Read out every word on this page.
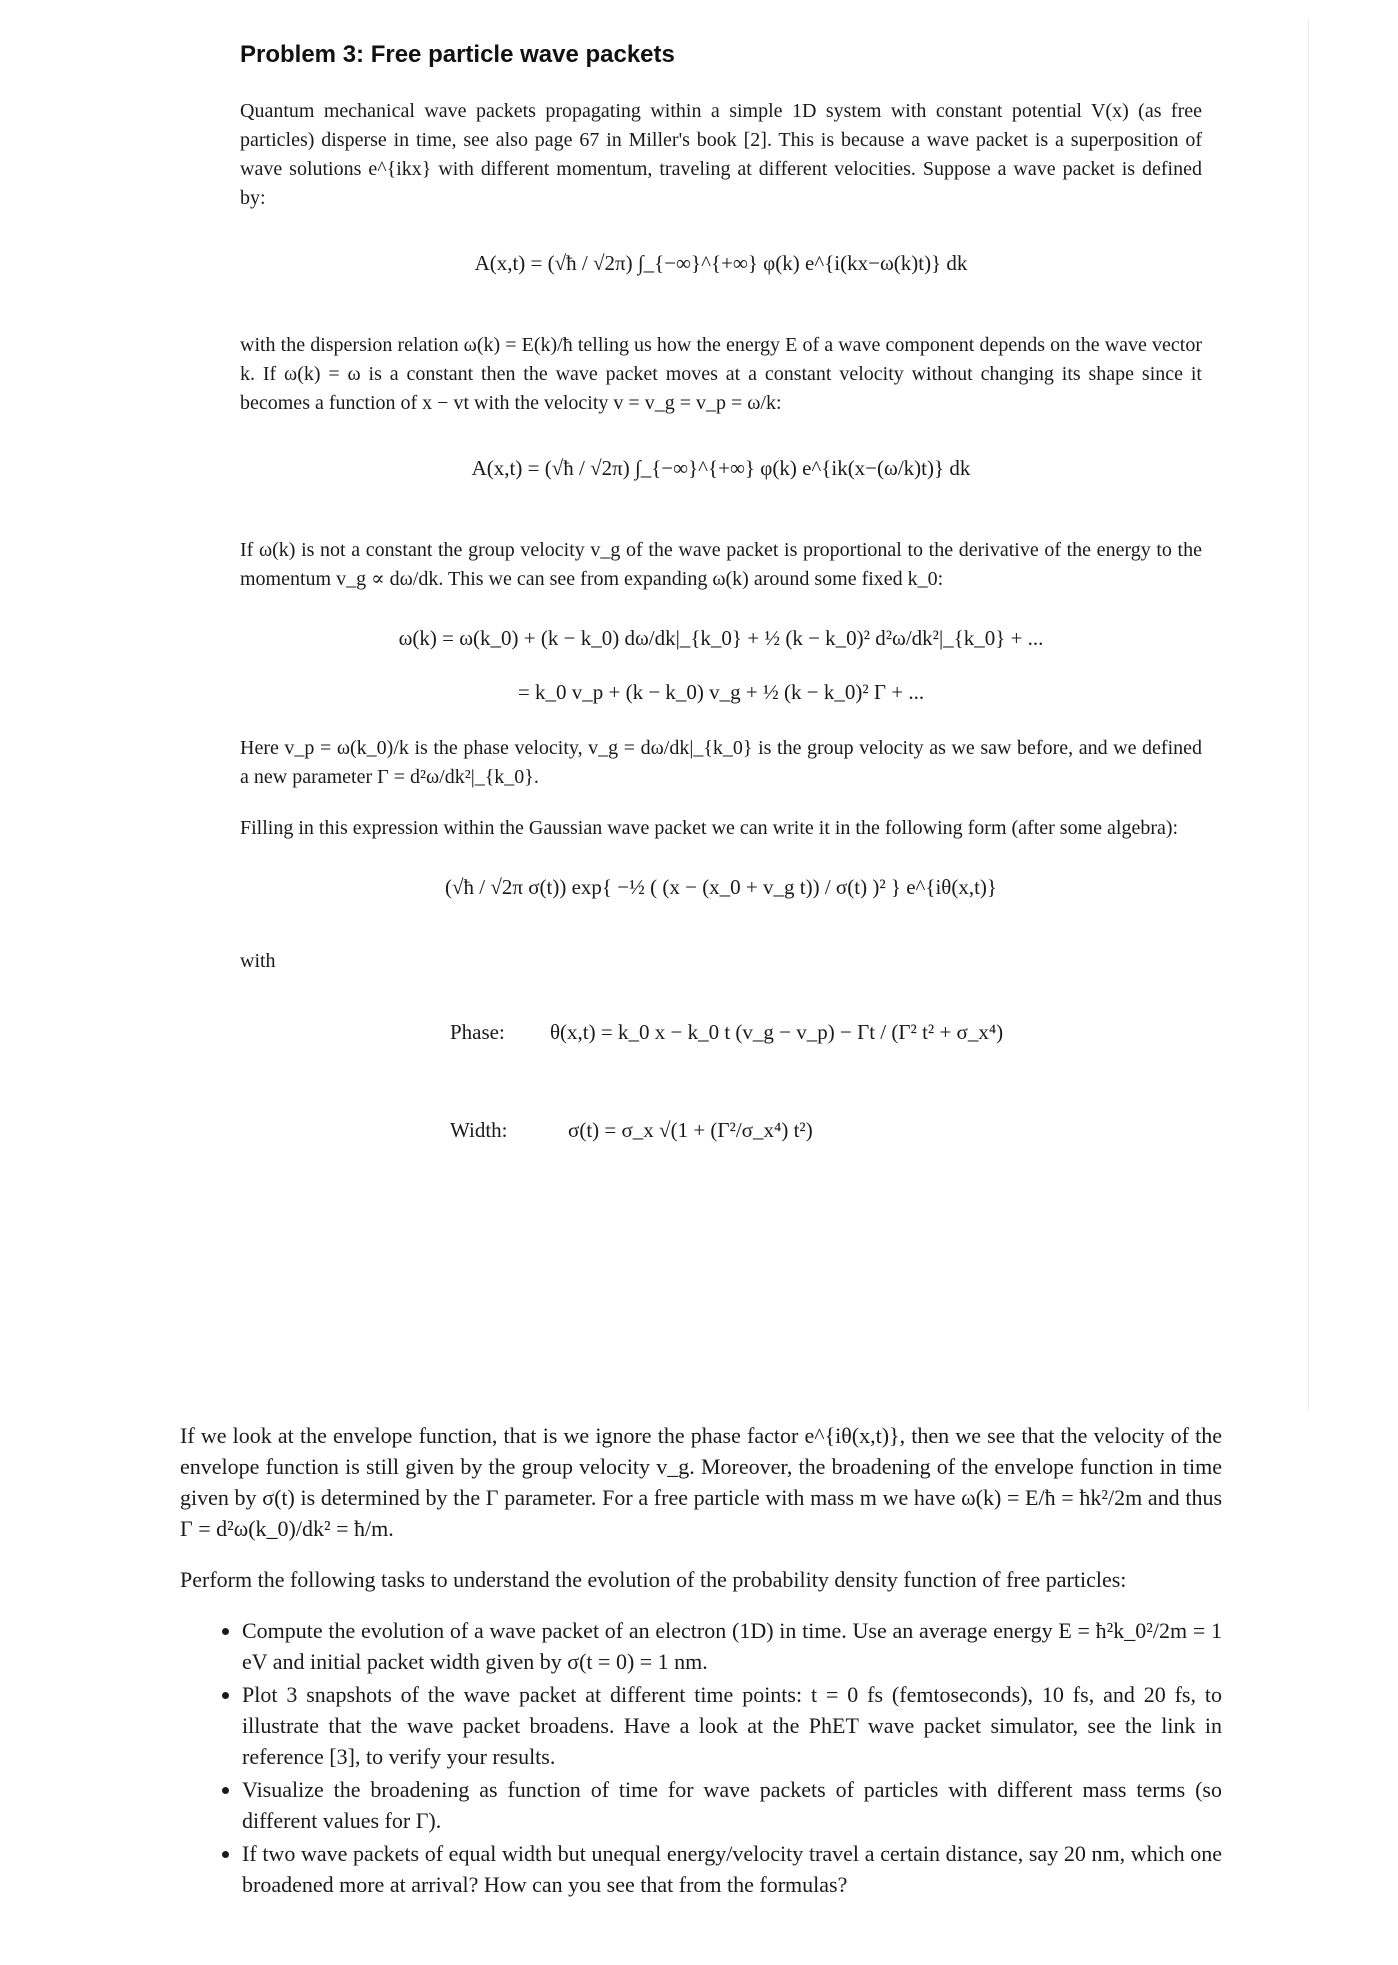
Problem 3: Free particle wave packets

Quantum mechanical wave packets propagating within a simple 1D system with constant potential V(x) (as free particles) disperse in time, see also page 67 in Miller's book [2]. This is because a wave packet is a superposition of wave solutions e^{ikx} with different momentum, traveling at different velocities. Suppose a wave packet is defined by:

A(x,t) = (√ħ / √2π) ∫_{−∞}^{+∞} φ(k) e^{i(kx−ω(k)t)} dk

with the dispersion relation ω(k) = E(k)/ħ telling us how the energy E of a wave component depends on the wave vector k. If ω(k) = ω is a constant then the wave packet moves at a constant velocity without changing its shape since it becomes a function of x − vt with the velocity v = v_g = v_p = ω/k:

A(x,t) = (√ħ / √2π) ∫_{−∞}^{+∞} φ(k) e^{ik(x−(ω/k)t)} dk

If ω(k) is not a constant the group velocity v_g of the wave packet is proportional to the derivative of the energy to the momentum v_g ∝ dω/dk. This we can see from expanding ω(k) around some fixed k_0:

ω(k) = ω(k_0) + (k − k_0) dω/dk|_{k_0} + ½ (k − k_0)² d²ω/dk²|_{k_0} + ...
= k_0 v_p + (k − k_0) v_g + ½ (k − k_0)² Γ + ...

Here v_p = ω(k_0)/k is the phase velocity, v_g = dω/dk|_{k_0} is the group velocity as we saw before, and we defined a new parameter Γ = d²ω/dk²|_{k_0}.

Filling in this expression within the Gaussian wave packet we can write it in the following form (after some algebra):

(√ħ / √2π σ(t)) exp{ −½ ( (x − (x_0 + v_g t)) / σ(t) )² } e^{iθ(x,t)}
with
Phase: θ(x,t) = k_0 x − k_0 t (v_g − v_p) − Γt / (Γ² t² + σ_x⁴)
Width:	σ(t) = σ_x √(1 + (Γ²/σ_x⁴) t²)

If we look at the envelope function, that is we ignore the phase factor e^{iθ(x,t)}, then we see that the velocity of the envelope function is still given by the group velocity v_g. Moreover, the broadening of the envelope function in time given by σ(t) is determined by the Γ parameter. For a free particle with mass m we have ω(k) = E/ħ = ħk²/2m and thus Γ = d²ω(k_0)/dk² = ħ/m.

Perform the following tasks to understand the evolution of the probability density function of free particles:

• Compute the evolution of a wave packet of an electron (1D) in time. Use an average energy E = ħ²k_0²/2m = 1 eV and initial packet width given by σ(t = 0) = 1 nm.
• Plot 3 snapshots of the wave packet at different time points: t = 0 fs (femtoseconds), 10 fs, and 20 fs, to illustrate that the wave packet broadens. Have a look at the PhET wave packet simulator, see the link in reference [3], to verify your results.
• Visualize the broadening as function of time for wave packets of particles with different mass terms (so different values for Γ).
• If two wave packets of equal width but unequal energy/velocity travel a certain distance, say 20 nm, which one broadened more at arrival? How can you see that from the formulas?
